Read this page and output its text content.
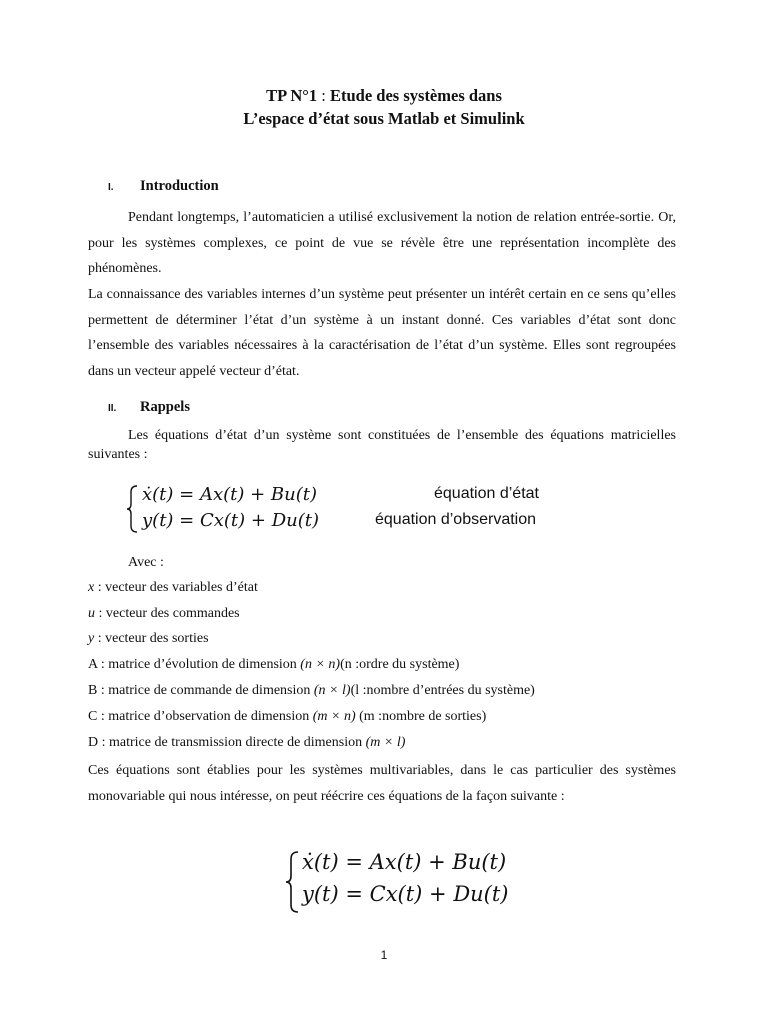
TP N°1 : Etude des systèmes dans
L’espace d’état sous Matlab et Simulink
I. Introduction
Pendant longtemps, l’automaticien a utilisé exclusivement la notion de relation entrée-sortie. Or, pour les systèmes complexes, ce point de vue se révèle être une représentation incomplète des phénomènes.
La connaissance des variables internes d’un système peut présenter un intérêt certain en ce sens qu’elles permettent de déterminer l’état d’un système à un instant donné. Ces variables d’état sont donc l’ensemble des variables nécessaires à la caractérisation de l’état d’un système. Elles sont regroupées dans un vecteur appelé vecteur d’état.
II. Rappels
Les équations d’état d’un système sont constituées de l’ensemble des équations matricielles suivantes :
ẋ(t) = Ax(t) + Bu(t)
y(t) = Cx(t) + Du(t)
équation d’état
équation d’observation
Avec :
x : vecteur des variables d’état
u : vecteur des commandes
y : vecteur des sorties
A : matrice d’évolution de dimension (n × n)(n :ordre du système)
B : matrice de commande de dimension (n × l)(l :nombre d’entrées du système)
C : matrice d’observation de dimension (m × n) (m :nombre de sorties)
D : matrice de transmission directe de dimension (m × l)
Ces équations sont établies pour les systèmes multivariables, dans le cas particulier des systèmes monovariable qui nous intéresse, on peut réécrire ces équations de la façon suivante :
ẋ(t) = Ax(t) + Bu(t)
y(t) = Cx(t) + Du(t)
1
